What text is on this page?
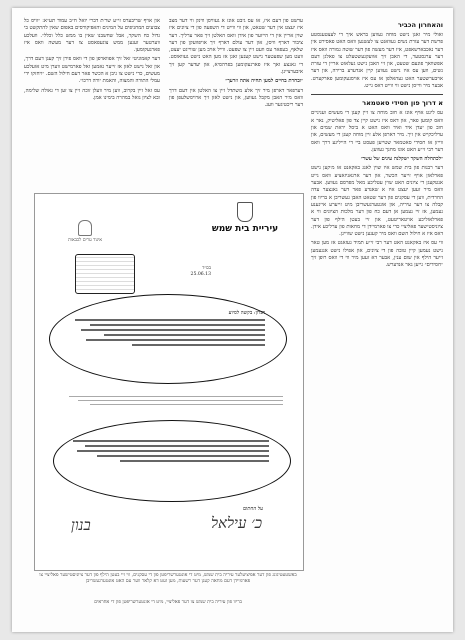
והאחרון הכביר

ואולי מיר זאגן נישט מוחה געווען בראש איך די לעצטענסטע פרשת דער עזרת נשים געוואגט צו לעשנען וואס האט פאסירט אין דער נאכבארשאפט, איז דער מעשה פון דער שוטה גמורה וואס איז דער ערגסטער, די האבן זיך אוועקגעשטעלט צו פאלגן דעם אפשוואך פונעם שטעט, און זיי האבן נישט געלאזט אריין די עזרת נשים, ווען עס איז נישט געווען קיין אנדערע ברירה, און דער אויבערשטער האט געהאלפן אז עס איז אויסגעקומען פארקערט. אבער מיר ווייסן נישט ווי ווייט דאס גייט.

א דרוך פון חסידי סאטמאר

עס ליגט אויף אונז א חוב מוחה צו זיין קעגן די מעשים ועניניים וואס קומען פאר, און דאס איז נישט קיין צד פון פאליטיק, נאר א חוב פון יעדן איד ואיד וואס האט א ביסל יראת שמים און ערליכקייט אין זיך. מיר דארפן אלע זיין מוחה קעגן די מעשים, און ווייזן אז חסידי סאטמאר שטייען פעסט ביי די הייליגע דרך וואס דער רבי זי״ע האט אונז מחנך געווען.

״לכתחלה השקר ישקלנה עינים של עשר״

דער רבנות פון בית שמש איז שוין לאנג באקאנט אז מ׳קען נישט פארלאזן אויף זייער הכשר, און דער ארגאניזאציע וואס גייט אנטקעגן די ציונים האט שוין עטליכע מאל מפרסם געווען. אבער וואס מיר זעען יעצט איז א שאנדע פאר דער גאנצער עדה החרדית, ווען די עסקנים פון דער שטאט האבן געשריבן א בריוו פון קבלה צו דער עיריה, און אונטערגעשריבן מיט זייערע אייגענע נעמען, אז זיי נעמען אן דעם כח פון דער מלכות הציונים ווי א פארלאזליכע אויטאריטעט, און זיי בעטן הילף פון דער ציוניסטישער פאליציי כדי צו פארמיידן די מחאות פון ערליכע אידן. דאס איז א חילול השם וואס מיר קענען נישט שווייגן.

ווי עס איז באקאנט האט דער רבי זי״ע תמיד געזאגט אז מען טאר נישט נעמען קיין טובה פון די ציונים, און אפילו נישט אננעמען זייער הילף אין שום ענין, אבער דא זעען מיר ווי די וואס רופן זיך ״חסידים״ גייען גאר אנדערש.

ערשט פון דעם איז, אז עס גיבט אונז א געוויסן ווינק ווי דער מצב איז יעצט אין דער שטאט, און ווי ווייט די השפעה פון די ציונים איז שוין אריין אין די הייזער פון אידן וואס האלטן זיך פאר ערליך. דער ציבור דארף וויסן, און דער עולם דארף זיך אויפוועקן פון דער שלאף, בעפאר עס וועט זיין צו שפעט. ווייל אויב מען שווייגט יעצט, וועט מען שפעטער נישט קענען זאגן אז מען האט נישט געוואוסט. די גאנצע זאך איז פארגעקומען בפרהסיא, און יעדער קען זיך איבערצייגן.

״ובחרת בחיים למען תחיה אתה וזרעך״

דערפאר דארפן מיר זיך אלע משתדל זיין צו האלטן אין דעם דרך וואס מיר האבן מקבל געווען, און נישט לאזן זיך ארויסשלעפן פון דער ריכטיגער וועג.

און אויף שריבערס זי״ע שר׳ת דברי יואל ח״ב עמוד תע״א: ״וויס כל צבועים המחניפים על המינים והאפיקורסים באפום שאין להתקשט בי גדול כח השקר, אבל שחשבנו שאין בו ממש כלל וכלל״. וועלכע ווערטער זענען ממש צוגעפאסט צו דער מעשה וואס איז פארגעקומען.

דער קאמוניטי זאל זיך אפווארפן פון די וואס פירן זיך קעגן דעם דרך, און זאל נישט לאזן אז זייער נאמען זאל פארמישט ווערן מיט אזעלכע מעשים, כדי נישט צו גיבן א הכשר פאר דעם חילול השם. ״ויחזקו ידי עמלי התורה והמצוה, והאמת יורה דרכו״.

עס זאל זיין בקרוב, ווען מיר וועלן זוכה זיין צו זען די גאולה שלימה, ובא לציון גואל במהרה בימינו אמן.

עיריית בית שמש
איגוד ערים לכבאות
בס״ד
25.06.13
הנדון: בקשה לסיוע
על החתום
בנון	כ׳ עילאל
באשטעטיגונג פון דער אפיציעלער עיריה בית שמש, מיט די אונטערשריפטן פון די עסקנים, ווי זיי בעטן הילף פון דער ציוניסטישער פאליציי צו פארמיידן דעם מחאה קעגן דער רשעות, מען זעט דא קלאר ווער עס האט אונטערגעשריבן
בריוו פון עיריה בית שמש צו דער פאליציי, מיט די אונטערשריפטן פון די אחראים
